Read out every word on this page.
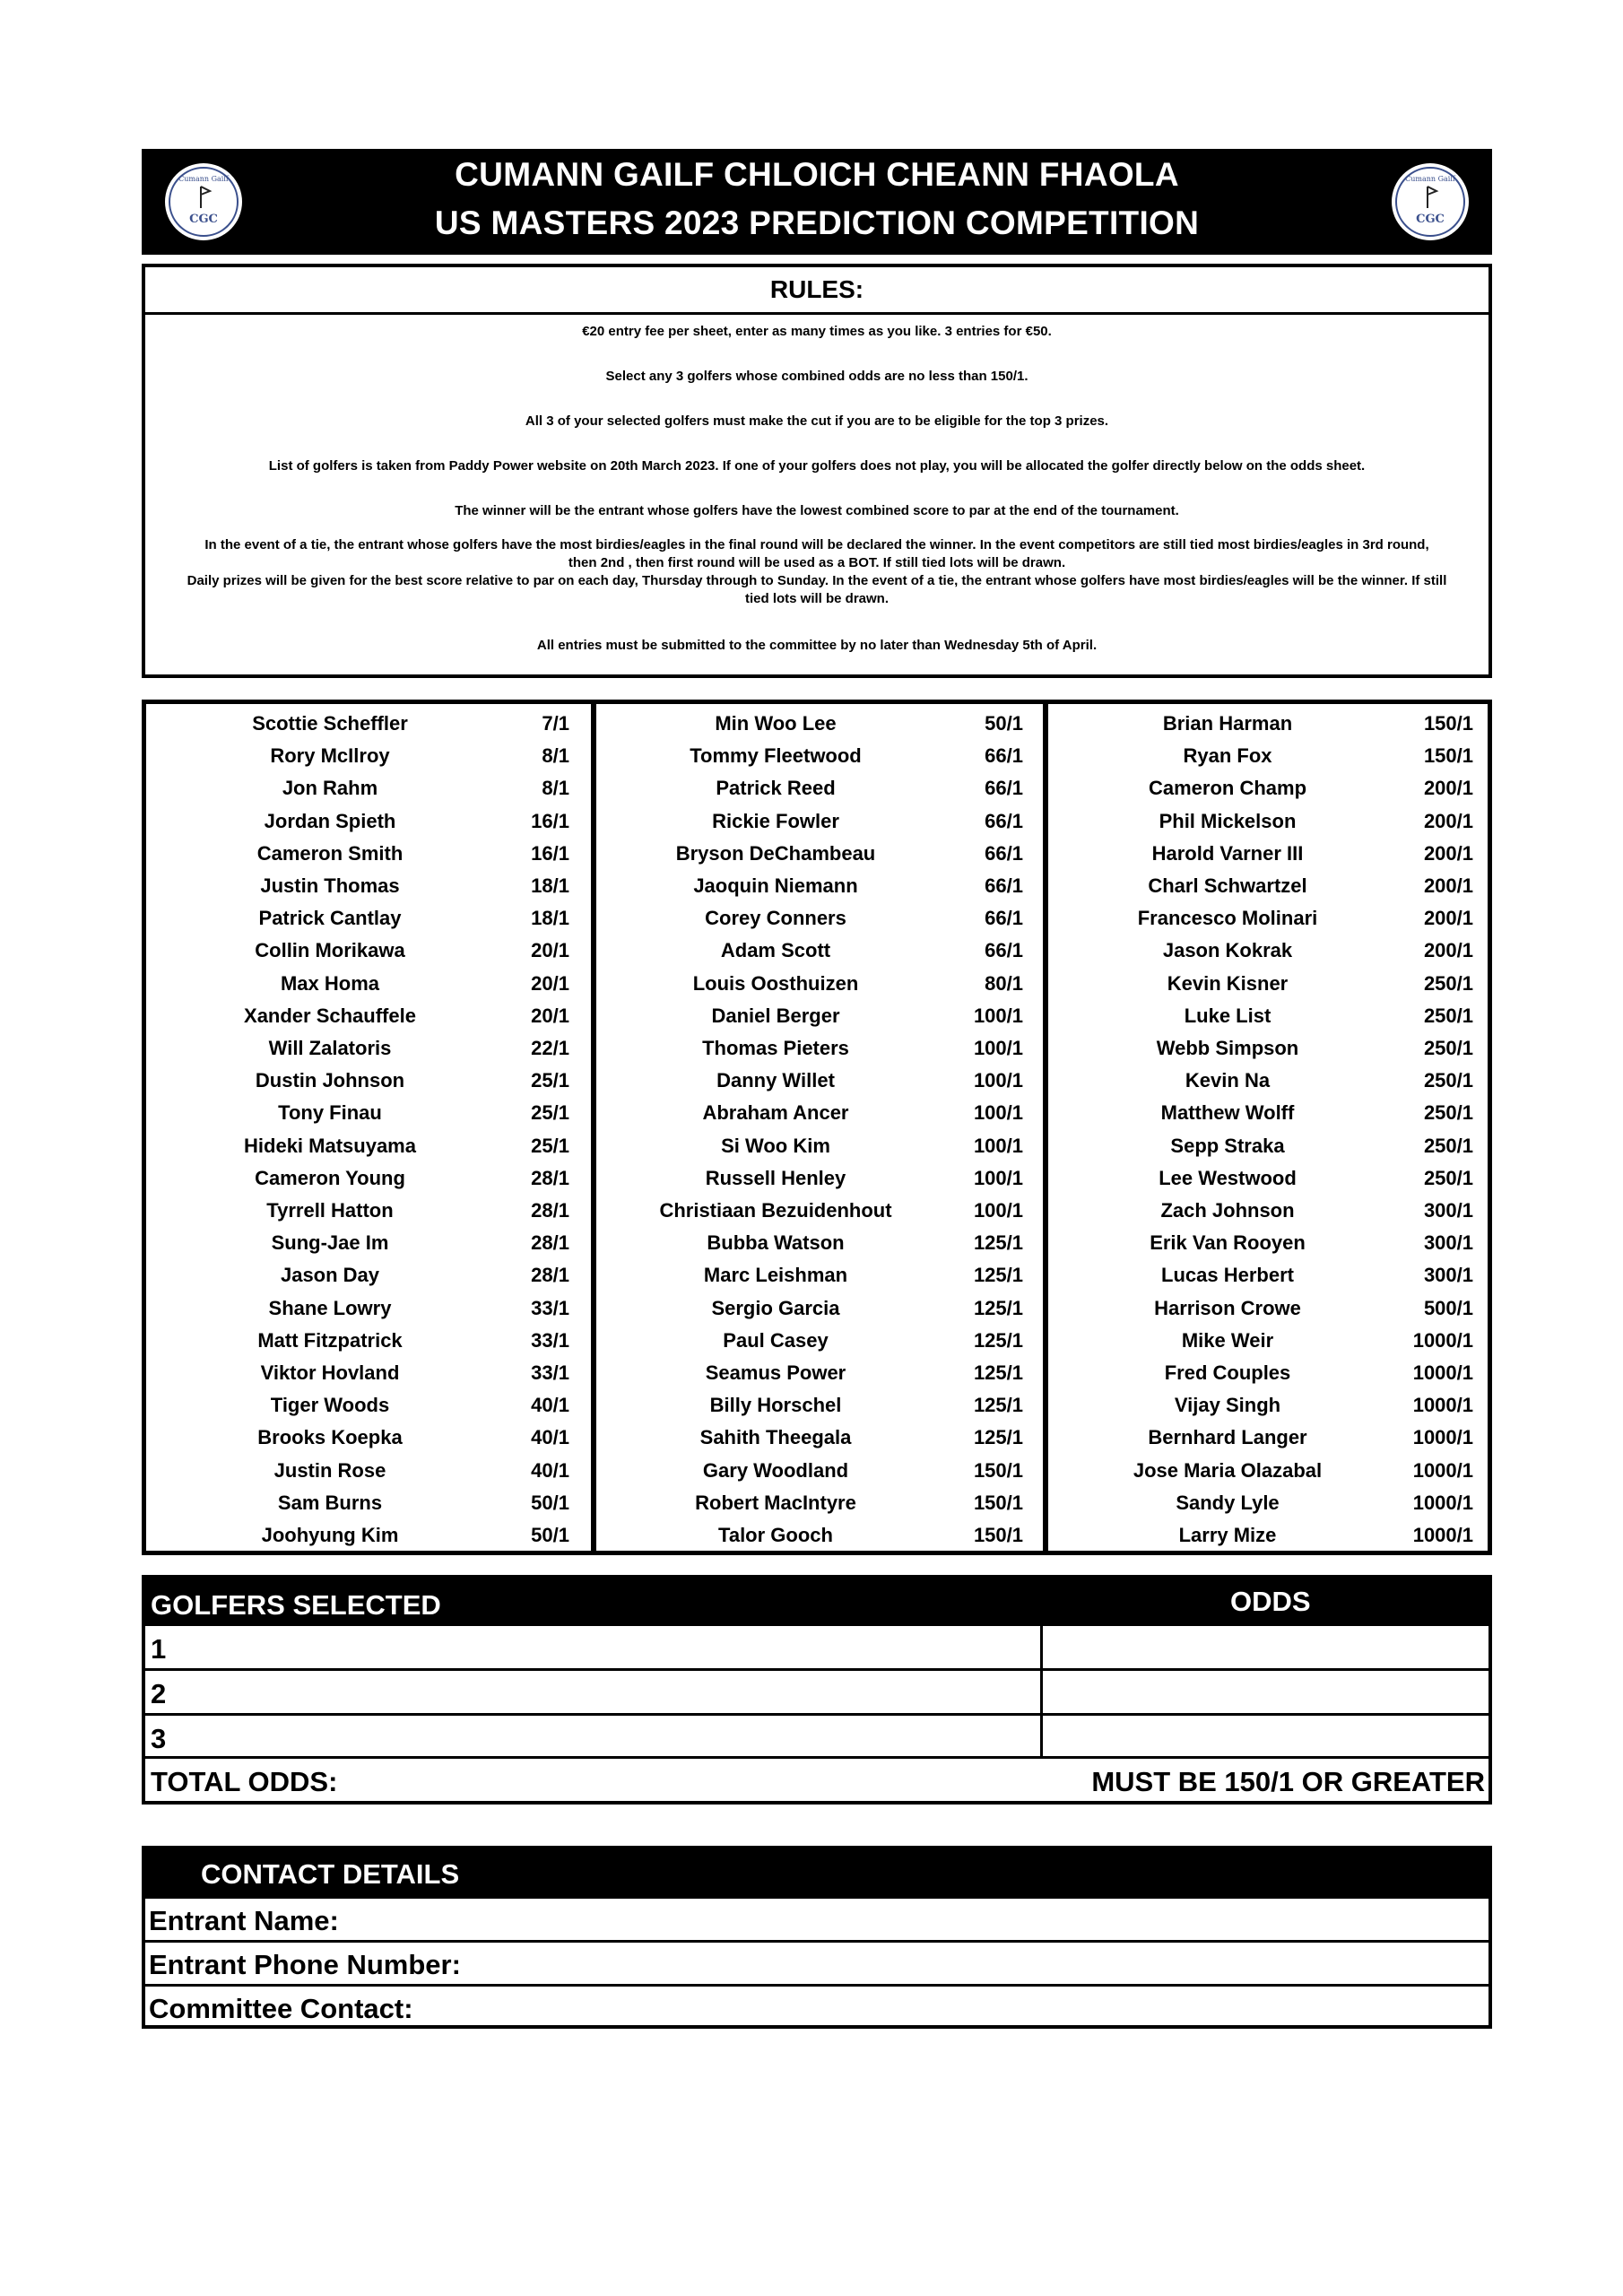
Cumann Gailf
CGC
CUMANN GAILF CHLOICH CHEANN FHAOLA
US MASTERS 2023 PREDICTION COMPETITION
Cumann Gailf
CGC
RULES:
€20 entry fee per sheet, enter as many times as you like. 3 entries for €50.
Select any 3 golfers whose combined odds are no less than 150/1.
All 3 of your selected golfers must make the cut if you are to be eligible for the top 3 prizes.
List of golfers is taken from Paddy Power website on 20th March 2023. If one of your golfers does not play, you will be allocated the golfer directly below on the odds sheet.
The winner will be the entrant whose golfers have the lowest combined score to par at the end of the tournament.
In the event of a tie, the entrant whose golfers have the most birdies/eagles in the final round will be declared the winner. In the event competitors are still tied most birdies/eagles in 3rd round,
then 2nd , then first round will be used as a BOT. If still tied lots will be drawn.
Daily prizes will be given for the best score relative to par on each day, Thursday through to Sunday. In the event of a tie, the entrant whose golfers have most birdies/eagles will be the winner. If still
tied lots will be drawn.
All entries must be submitted to the committee by no later than Wednesday 5th of April.
Scottie Scheffler	7/1
Rory McIlroy	8/1
Jon Rahm	8/1
Jordan Spieth	16/1
Cameron Smith	16/1
Justin Thomas	18/1
Patrick Cantlay	18/1
Collin Morikawa	20/1
Max Homa	20/1
Xander Schauffele	20/1
Will Zalatoris	22/1
Dustin Johnson	25/1
Tony Finau	25/1
Hideki Matsuyama	25/1
Cameron Young	28/1
Tyrrell Hatton	28/1
Sung-Jae Im	28/1
Jason Day	28/1
Shane Lowry	33/1
Matt Fitzpatrick	33/1
Viktor Hovland	33/1
Tiger Woods	40/1
Brooks Koepka	40/1
Justin Rose	40/1
Sam Burns	50/1
Joohyung Kim	50/1
Min Woo Lee	50/1
Tommy Fleetwood	66/1
Patrick Reed	66/1
Rickie Fowler	66/1
Bryson DeChambeau	66/1
Jaoquin Niemann	66/1
Corey Conners	66/1
Adam Scott	66/1
Louis Oosthuizen	80/1
Daniel Berger	100/1
Thomas Pieters	100/1
Danny Willet	100/1
Abraham Ancer	100/1
Si Woo Kim	100/1
Russell Henley	100/1
Christiaan Bezuidenhout	100/1
Bubba Watson	125/1
Marc Leishman	125/1
Sergio Garcia	125/1
Paul Casey	125/1
Seamus Power	125/1
Billy Horschel	125/1
Sahith Theegala	125/1
Gary Woodland	150/1
Robert MacIntyre	150/1
Talor Gooch	150/1
Brian Harman	150/1
Ryan Fox	150/1
Cameron Champ	200/1
Phil Mickelson	200/1
Harold Varner III	200/1
Charl Schwartzel	200/1
Francesco Molinari	200/1
Jason Kokrak	200/1
Kevin Kisner	250/1
Luke List	250/1
Webb Simpson	250/1
Kevin Na	250/1
Matthew Wolff	250/1
Sepp Straka	250/1
Lee Westwood	250/1
Zach Johnson	300/1
Erik Van Rooyen	300/1
Lucas Herbert	300/1
Harrison Crowe	500/1
Mike Weir	1000/1
Fred Couples	1000/1
Vijay Singh	1000/1
Bernhard Langer	1000/1
Jose Maria Olazabal	1000/1
Sandy Lyle	1000/1
Larry Mize	1000/1
GOLFERS SELECTED	ODDS
1
2
3
TOTAL ODDS:	MUST BE 150/1 OR GREATER
CONTACT DETAILS
Entrant Name:
Entrant Phone Number:
Committee Contact:
